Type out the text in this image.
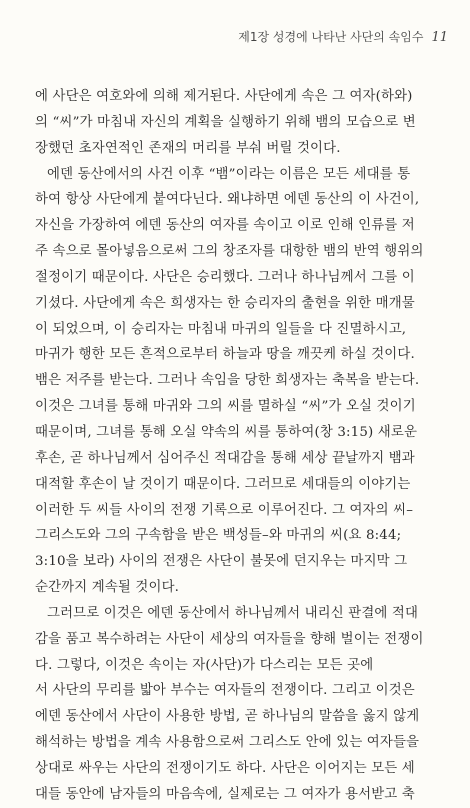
제1장 성경에 나타난 사단의 속임수 11
에 사단은 여호와에 의해 제거된다. 사단에게 속은 그 여자(하와)
의 “씨”가 마침내 자신의 계획을 실행하기 위해 뱀의 모습으로 변
장했던 초자연적인 존재의 머리를 부숴 버릴 것이다.
에덴 동산에서의 사건 이후 “뱀”이라는 이름은 모든 세대를 통
하여 항상 사단에게 붙여다닌다. 왜냐하면 에덴 동산의 이 사건이,
자신을 가장하여 에덴 동산의 여자를 속이고 이로 인해 인류를 저
주 속으로 몰아넣음으로써 그의 창조자를 대항한 뱀의 반역 행위의
절정이기 때문이다. 사단은 승리했다. 그러나 하나님께서 그를 이
기셨다. 사단에게 속은 희생자는 한 승리자의 출현을 위한 매개물
이 되었으며, 이 승리자는 마침내 마귀의 일들을 다 진멸하시고,
마귀가 행한 모든 흔적으로부터 하늘과 땅을 깨끗케 하실 것이다.
뱀은 저주를 받는다. 그러나 속임을 당한 희생자는 축복을 받는다.
이것은 그녀를 통해 마귀와 그의 씨를 멸하실 “씨”가 오실 것이기
때문이며, 그녀를 통해 오실 약속의 씨를 통하여(창 3:15) 새로운
후손, 곧 하나님께서 심어주신 적대감을 통해 세상 끝날까지 뱀과
대적할 후손이 날 것이기 때문이다. 그러므로 세대들의 이야기는
이러한 두 씨들 사이의 전쟁 기록으로 이루어진다. 그 여자의 씨–
그리스도와 그의 구속함을 받은 백성들–와 마귀의 씨(요 8:44;
3:10을 보라) 사이의 전쟁은 사단이 불못에 던지우는 마지막 그
순간까지 계속될 것이다.
그러므로 이것은 에덴 동산에서 하나님께서 내리신 판결에 적대
감을 품고 복수하려는 사단이 세상의 여자들을 향해 벌이는 전쟁이
다. 그렇다, 이것은 속이는 자(사단)가 다스리는 모든 곳에
서 사단의 무리를 밟아 부수는 여자들의 전쟁이다. 그리고 이것은
에덴 동산에서 사단이 사용한 방법, 곧 하나님의 말씀을 옳지 않게
해석하는 방법을 계속 사용함으로써 그리스도 안에 있는 여자들을
상대로 싸우는 사단의 전쟁이기도 하다. 사단은 이어지는 모든 세
대들 동안에 남자들의 마음속에, 실제로는 그 여자가 용서받고 축
